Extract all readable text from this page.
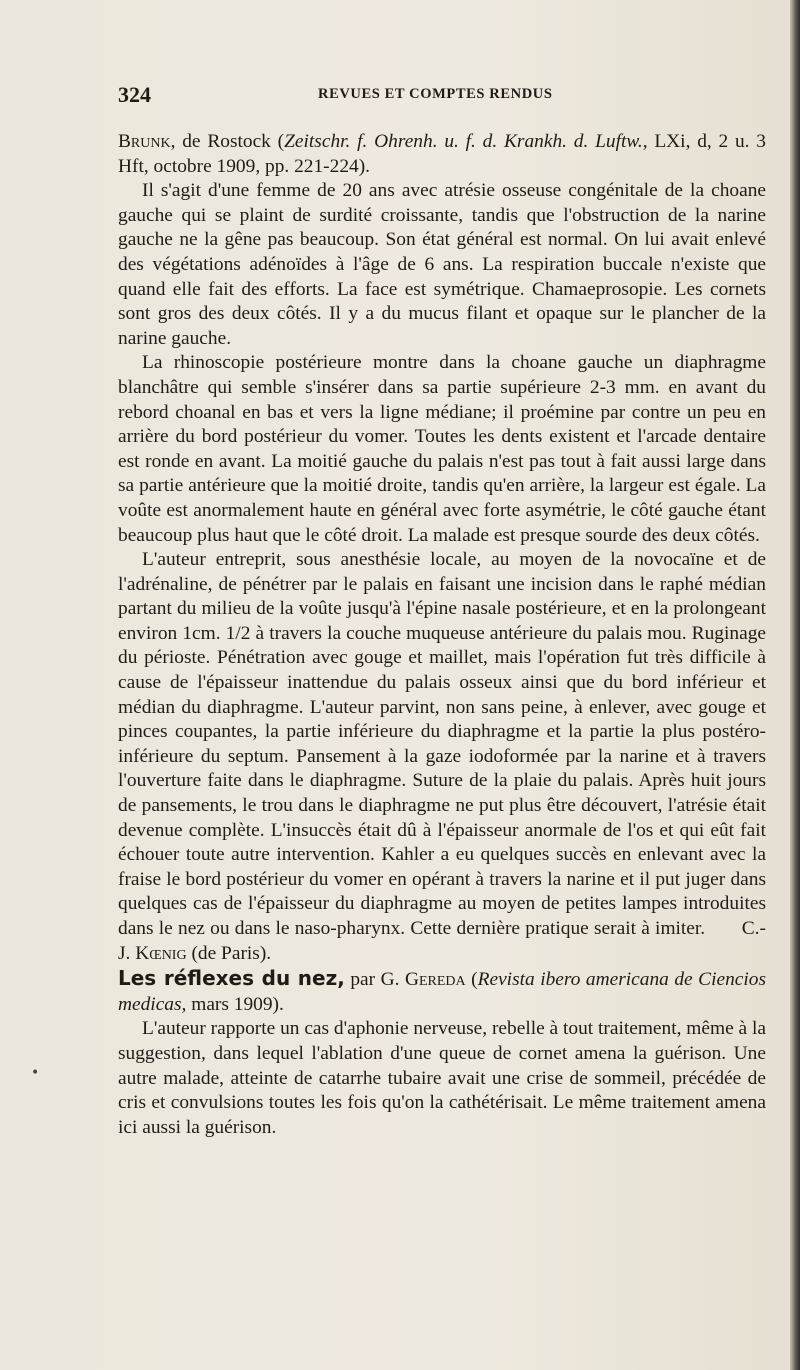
324	REVUES ET COMPTES RENDUS

Brunk, de Rostock (Zeitschr. f. Ohrenh. u. f. d. Krankh. d. Luftw., LXi, d, 2 u. 3 Hft, octobre 1909, pp. 221-224).

Il s'agit d'une femme de 20 ans avec atrésie osseuse congénitale de la choane gauche qui se plaint de surdité croissante, tandis que l'obstruction de la narine gauche ne la gêne pas beaucoup. Son état général est normal. On lui avait enlevé des végétations adénoïdes à l'âge de 6 ans. La respiration buccale n'existe que quand elle fait des efforts. La face est symétrique. Chamaeprosopie. Les cornets sont gros des deux côtés. Il y a du mucus filant et opaque sur le plancher de la narine gauche.

La rhinoscopie postérieure montre dans la choane gauche un diaphragme blanchâtre qui semble s'insérer dans sa partie supérieure 2-3 mm. en avant du rebord choanal en bas et vers la ligne médiane; il proémine par contre un peu en arrière du bord postérieur du vomer. Toutes les dents existent et l'arcade dentaire est ronde en avant. La moitié gauche du palais n'est pas tout à fait aussi large dans sa partie antérieure que la moitié droite, tandis qu'en arrière, la largeur est égale. La voûte est anormalement haute en général avec forte asymétrie, le côté gauche étant beaucoup plus haut que le côté droit. La malade est presque sourde des deux côtés.

L'auteur entreprit, sous anesthésie locale, au moyen de la novocaïne et de l'adrénaline, de pénétrer par le palais en faisant une incision dans le raphé médian partant du milieu de la voûte jusqu'à l'épine nasale postérieure, et en la prolongeant environ 1cm. 1/2 à travers la couche muqueuse antérieure du palais mou. Ruginage du périoste. Pénétration avec gouge et maillet, mais l'opération fut très difficile à cause de l'épaisseur inattendue du palais osseux ainsi que du bord inférieur et médian du diaphragme. L'auteur parvint, non sans peine, à enlever, avec gouge et pinces coupantes, la partie inférieure du diaphragme et la partie la plus postéro-inférieure du septum. Pansement à la gaze iodoformée par la narine et à travers l'ouverture faite dans le diaphragme. Suture de la plaie du palais. Après huit jours de pansements, le trou dans le diaphragme ne put plus être découvert, l'atrésie était devenue complète. L'insuccès était dû à l'épaisseur anormale de l'os et qui eût fait échouer toute autre intervention. Kahler a eu quelques succès en enlevant avec la fraise le bord postérieur du vomer en opérant à travers la narine et il put juger dans quelques cas de l'épaisseur du diaphragme au moyen de petites lampes introduites dans le nez ou dans le naso-pharynx. Cette dernière pratique serait à imiter. C.-J. Kœnig (de Paris).

Les réflexes du nez, par G. Gereda (Revista ibero americana de Ciencios medicas, mars 1909).

L'auteur rapporte un cas d'aphonie nerveuse, rebelle à tout traitement, même à la suggestion, dans lequel l'ablation d'une queue de cornet amena la guérison. Une autre malade, atteinte de catarrhe tubaire avait une crise de sommeil, précédée de cris et convulsions toutes les fois qu'on la cathétérisait. Le même traitement amena ici aussi la guérison.

•
